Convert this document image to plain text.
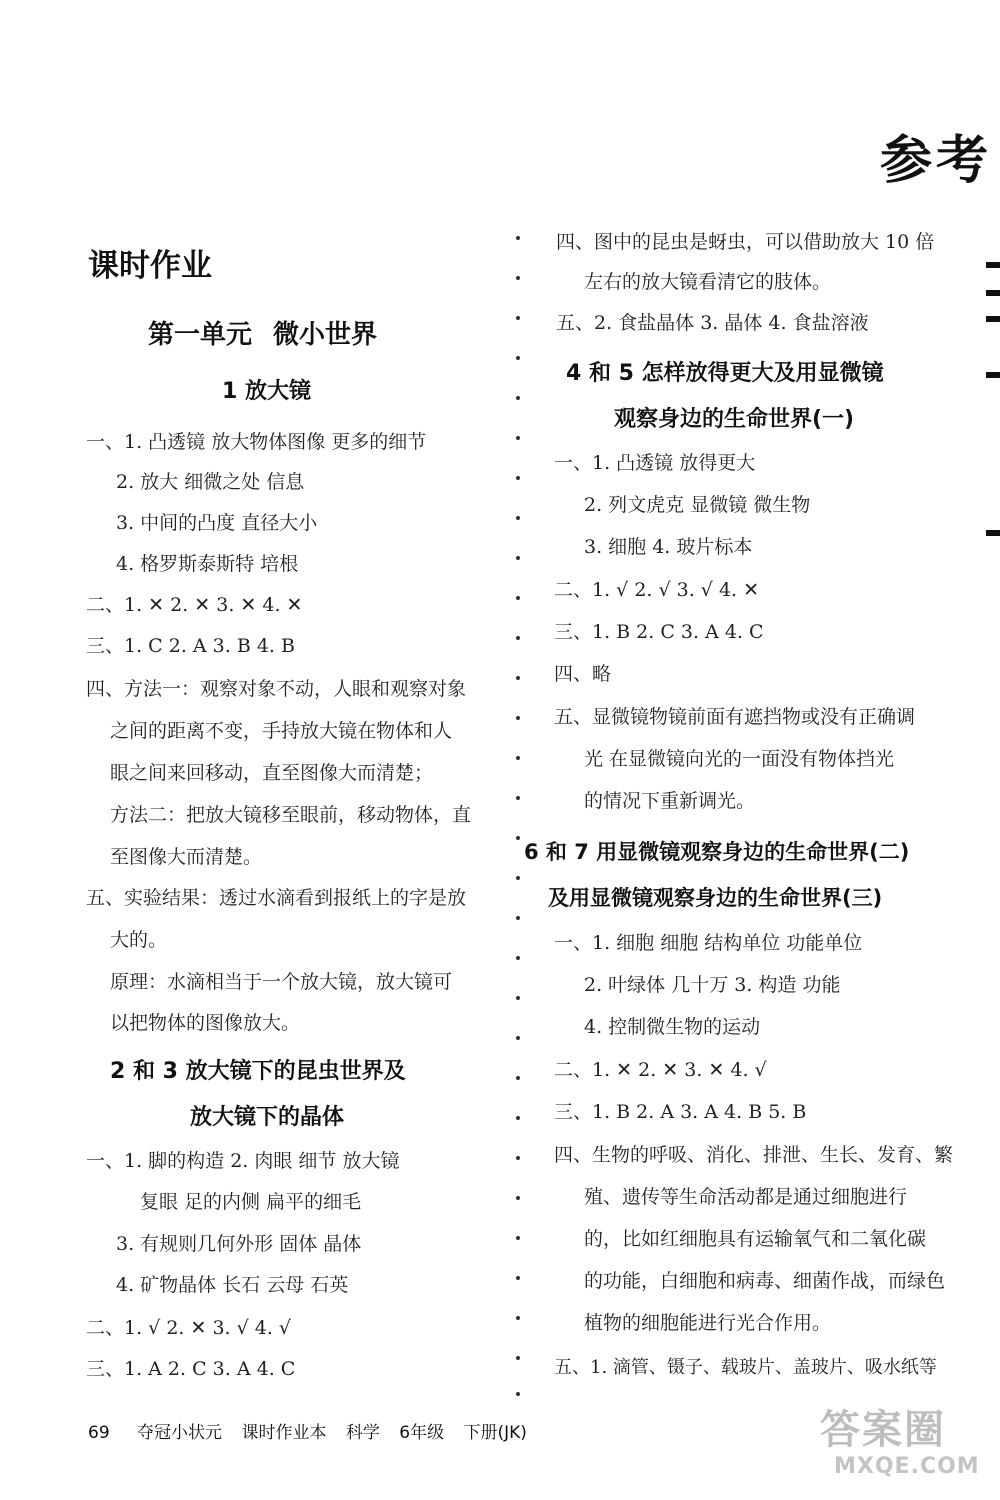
参考
课时作业
第一单元 微小世界
1 放大镜
一、1. 凸透镜 放大物体图像 更多的细节
2. 放大 细微之处 信息
3. 中间的凸度 直径大小
4. 格罗斯泰斯特 培根
二、1. ✕ 2. ✕ 3. ✕ 4. ✕
三、1. C 2. A 3. B 4. B
四、方法一：观察对象不动，人眼和观察对象
之间的距离不变，手持放大镜在物体和人
眼之间来回移动，直至图像大而清楚；
方法二：把放大镜移至眼前，移动物体，直
至图像大而清楚。
五、实验结果：透过水滴看到报纸上的字是放
大的。
原理：水滴相当于一个放大镜，放大镜可
以把物体的图像放大。
2 和 3 放大镜下的昆虫世界及
放大镜下的晶体
一、1. 脚的构造 2. 肉眼 细节 放大镜
复眼 足的内侧 扁平的细毛
3. 有规则几何外形 固体 晶体
4. 矿物晶体 长石 云母 石英
二、1. √ 2. ✕ 3. √ 4. √
三、1. A 2. C 3. A 4. C
四、图中的昆虫是蚜虫，可以借助放大 10 倍
左右的放大镜看清它的肢体。
五、2. 食盐晶体 3. 晶体 4. 食盐溶液
4 和 5 怎样放得更大及用显微镜
观察身边的生命世界(一)
一、1. 凸透镜 放得更大
2. 列文虎克 显微镜 微生物
3. 细胞 4. 玻片标本
二、1. √ 2. √ 3. √ 4. ✕
三、1. B 2. C 3. A 4. C
四、略
五、显微镜物镜前面有遮挡物或没有正确调
光 在显微镜向光的一面没有物体挡光
的情况下重新调光。
6 和 7 用显微镜观察身边的生命世界(二)
及用显微镜观察身边的生命世界(三)
一、1. 细胞 细胞 结构单位 功能单位
2. 叶绿体 几十万 3. 构造 功能
4. 控制微生物的运动
二、1. ✕ 2. ✕ 3. ✕ 4. √
三、1. B 2. A 3. A 4. B 5. B
四、生物的呼吸、消化、排泄、生长、发育、繁
殖、遗传等生命活动都是通过细胞进行
的，比如红细胞具有运输氧气和二氧化碳
的功能，白细胞和病毒、细菌作战，而绿色
植物的细胞能进行光合作用。
五、1. 滴管、镊子、载玻片、盖玻片、吸水纸等
69 夺冠小状元 课时作业本 科学 6年级 下册(JK)	答案圈
MXQE.COM
